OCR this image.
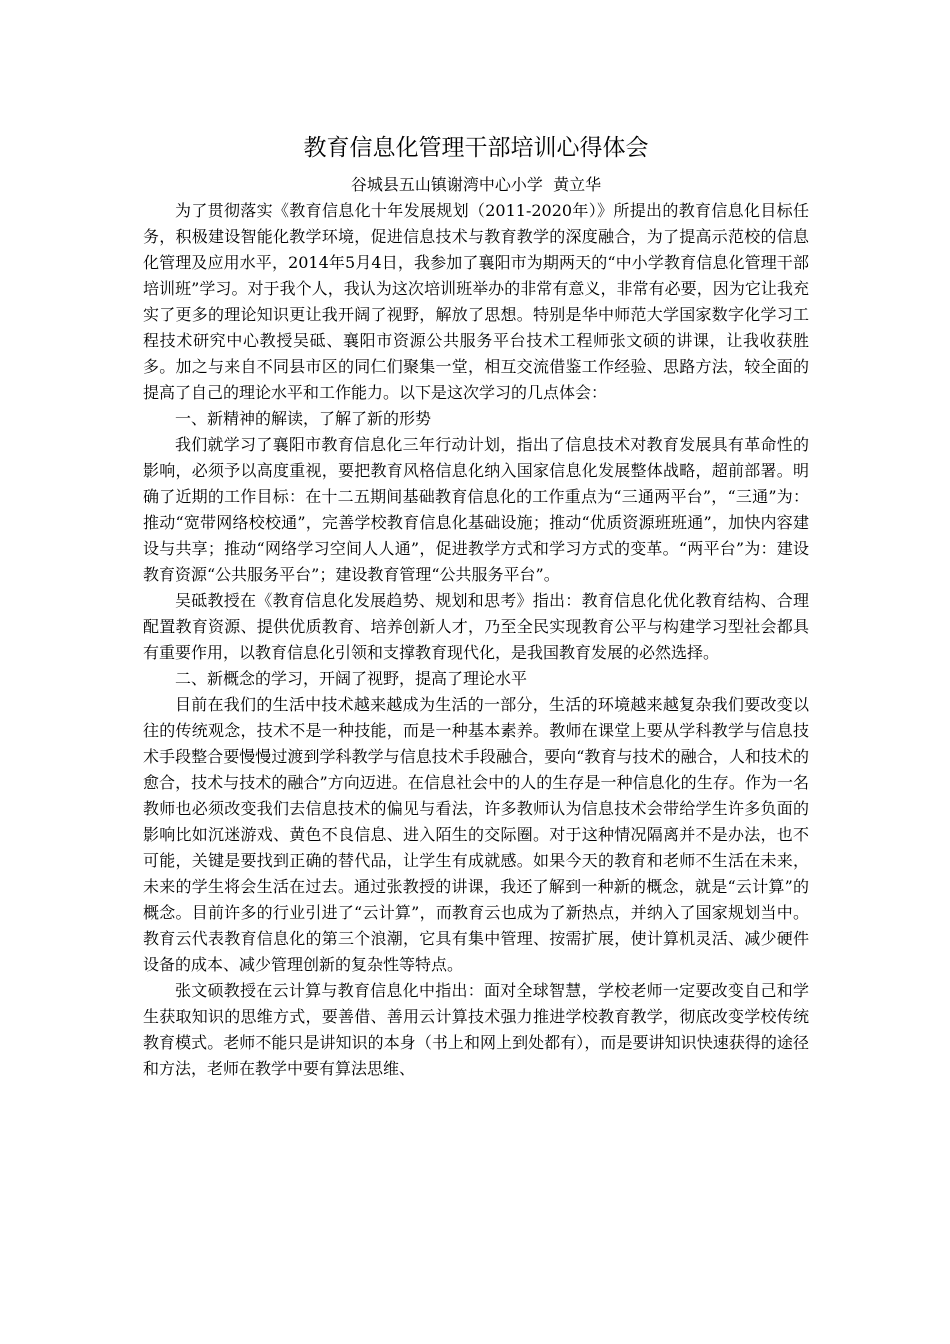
教育信息化管理干部培训心得体会

谷城县五山镇谢湾中心小学  黄立华

为了贯彻落实《教育信息化十年发展规划（2011-2020年）》所提出的教育信息化目标任务，积极建设智能化教学环境，促进信息技术与教育教学的深度融合，为了提高示范校的信息化管理及应用水平，2014年5月4日，我参加了襄阳市为期两天的“中小学教育信息化管理干部培训班”学习。对于我个人，我认为这次培训班举办的非常有意义，非常有必要，因为它让我充实了更多的理论知识更让我开阔了视野，解放了思想。特别是华中师范大学国家数字化学习工程技术研究中心教授吴砥、襄阳市资源公共服务平台技术工程师张文硕的讲课，让我收获胜多。加之与来自不同县市区的同仁们聚集一堂，相互交流借鉴工作经验、思路方法，较全面的提高了自己的理论水平和工作能力。以下是这次学习的几点体会：

一、新精神的解读，了解了新的形势

我们就学习了襄阳市教育信息化三年行动计划，指出了信息技术对教育发展具有革命性的影响，必须予以高度重视，要把教育风格信息化纳入国家信息化发展整体战略，超前部署。明确了近期的工作目标：在十二五期间基础教育信息化的工作重点为“三通两平台”，“三通”为：推动“宽带网络校校通”，完善学校教育信息化基础设施；推动“优质资源班班通”，加快内容建设与共享；推动“网络学习空间人人通”，促进教学方式和学习方式的变革。“两平台”为：建设教育资源“公共服务平台”；建设教育管理“公共服务平台”。

吴砥教授在《教育信息化发展趋势、规划和思考》指出：教育信息化优化教育结构、合理配置教育资源、提供优质教育、培养创新人才，乃至全民实现教育公平与构建学习型社会都具有重要作用，以教育信息化引领和支撑教育现代化，是我国教育发展的必然选择。

二、新概念的学习，开阔了视野，提高了理论水平

目前在我们的生活中技术越来越成为生活的一部分，生活的环境越来越复杂我们要改变以往的传统观念，技术不是一种技能，而是一种基本素养。教师在课堂上要从学科教学与信息技术手段整合要慢慢过渡到学科教学与信息技术手段融合，要向“教育与技术的融合，人和技术的愈合，技术与技术的融合”方向迈进。在信息社会中的人的生存是一种信息化的生存。作为一名教师也必须改变我们去信息技术的偏见与看法，许多教师认为信息技术会带给学生许多负面的影响比如沉迷游戏、黄色不良信息、进入陌生的交际圈。对于这种情况隔离并不是办法，也不可能，关键是要找到正确的替代品，让学生有成就感。如果今天的教育和老师不生活在未来，未来的学生将会生活在过去。通过张教授的讲课，我还了解到一种新的概念，就是“云计算”的概念。目前许多的行业引进了“云计算”，而教育云也成为了新热点，并纳入了国家规划当中。教育云代表教育信息化的第三个浪潮，它具有集中管理、按需扩展，使计算机灵活、减少硬件设备的成本、减少管理创新的复杂性等特点。

张文硕教授在云计算与教育信息化中指出：面对全球智慧，学校老师一定要改变自己和学生获取知识的思维方式，要善借、善用云计算技术强力推进学校教育教学，彻底改变学校传统教育模式。老师不能只是讲知识的本身（书上和网上到处都有），而是要讲知识快速获得的途径和方法，老师在教学中要有算法思维、
